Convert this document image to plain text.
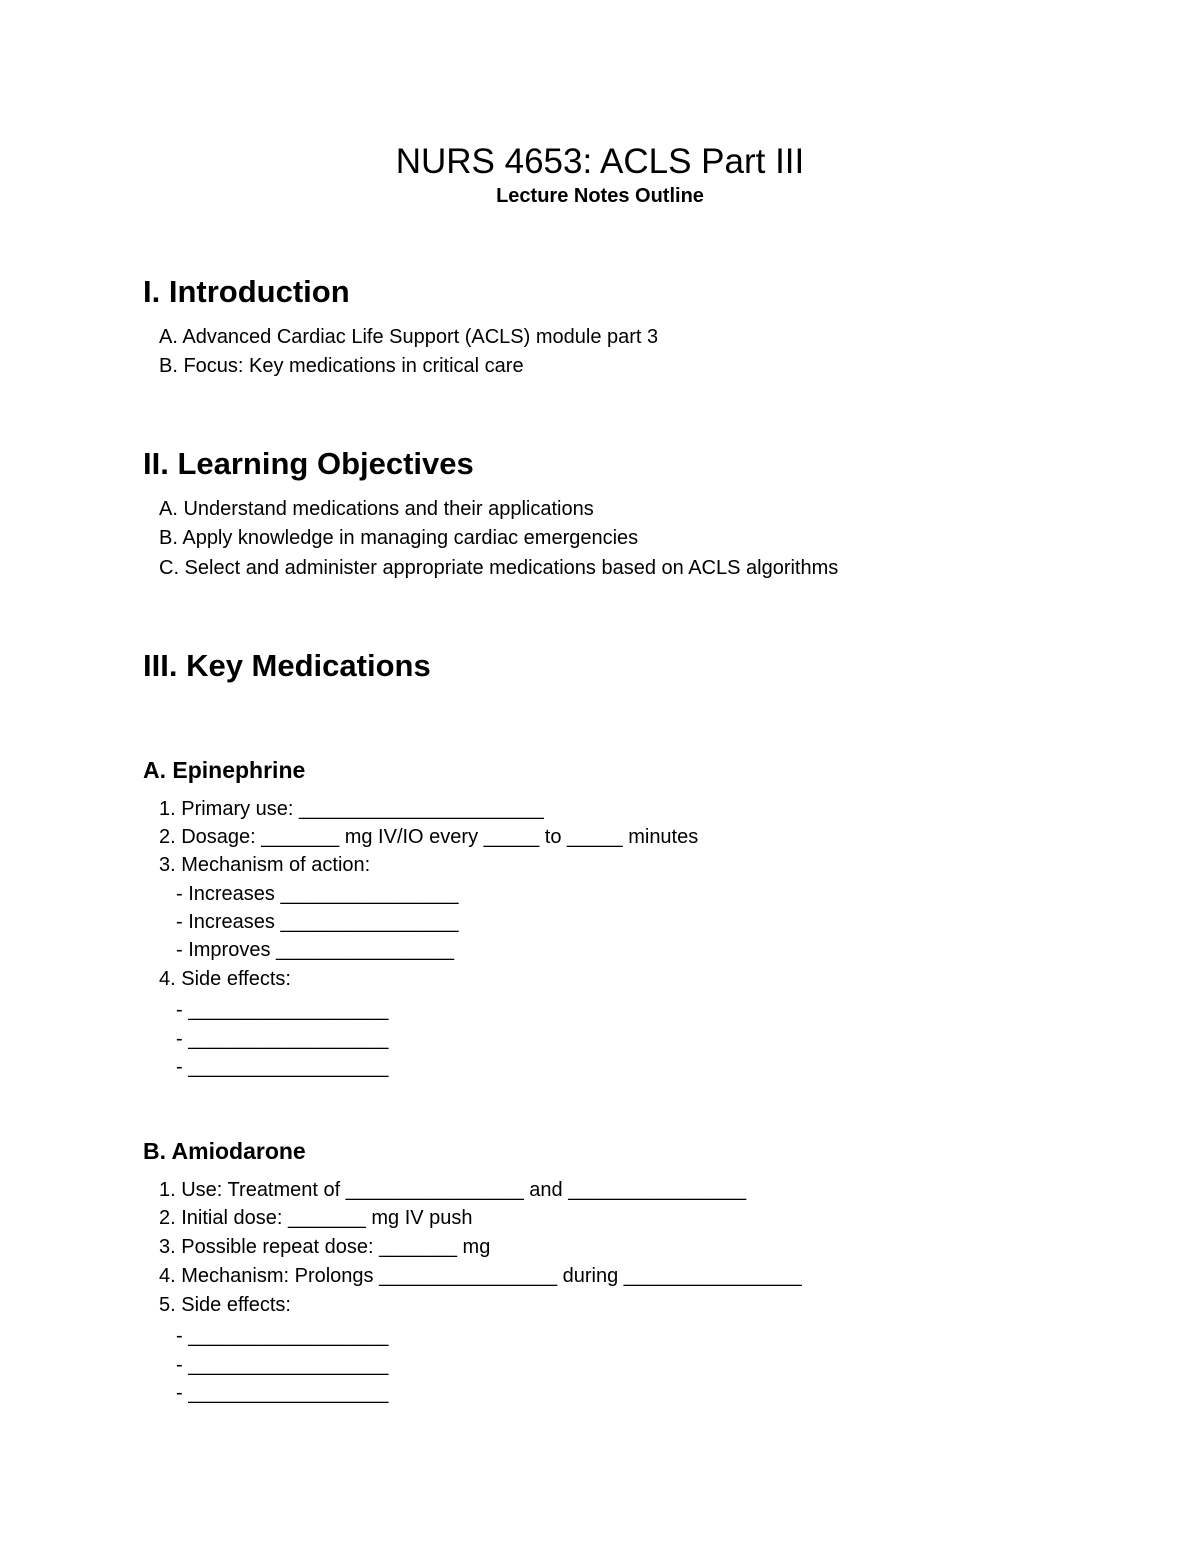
NURS 4653: ACLS Part III
Lecture Notes Outline
I. Introduction
A. Advanced Cardiac Life Support (ACLS) module part 3
B. Focus: Key medications in critical care
II. Learning Objectives
A. Understand medications and their applications
B. Apply knowledge in managing cardiac emergencies
C. Select and administer appropriate medications based on ACLS algorithms
III. Key Medications
A. Epinephrine
1. Primary use: ______________________
2. Dosage: _______ mg IV/IO every _____ to _____ minutes
3. Mechanism of action:
- Increases ________________
- Increases ________________
- Improves ________________
4. Side effects:
- __________________
- __________________
- __________________
B. Amiodarone
1. Use: Treatment of ________________ and ________________
2. Initial dose: _______ mg IV push
3. Possible repeat dose: _______ mg
4. Mechanism: Prolongs ________________ during ________________
5. Side effects:
- __________________
- __________________
- __________________
